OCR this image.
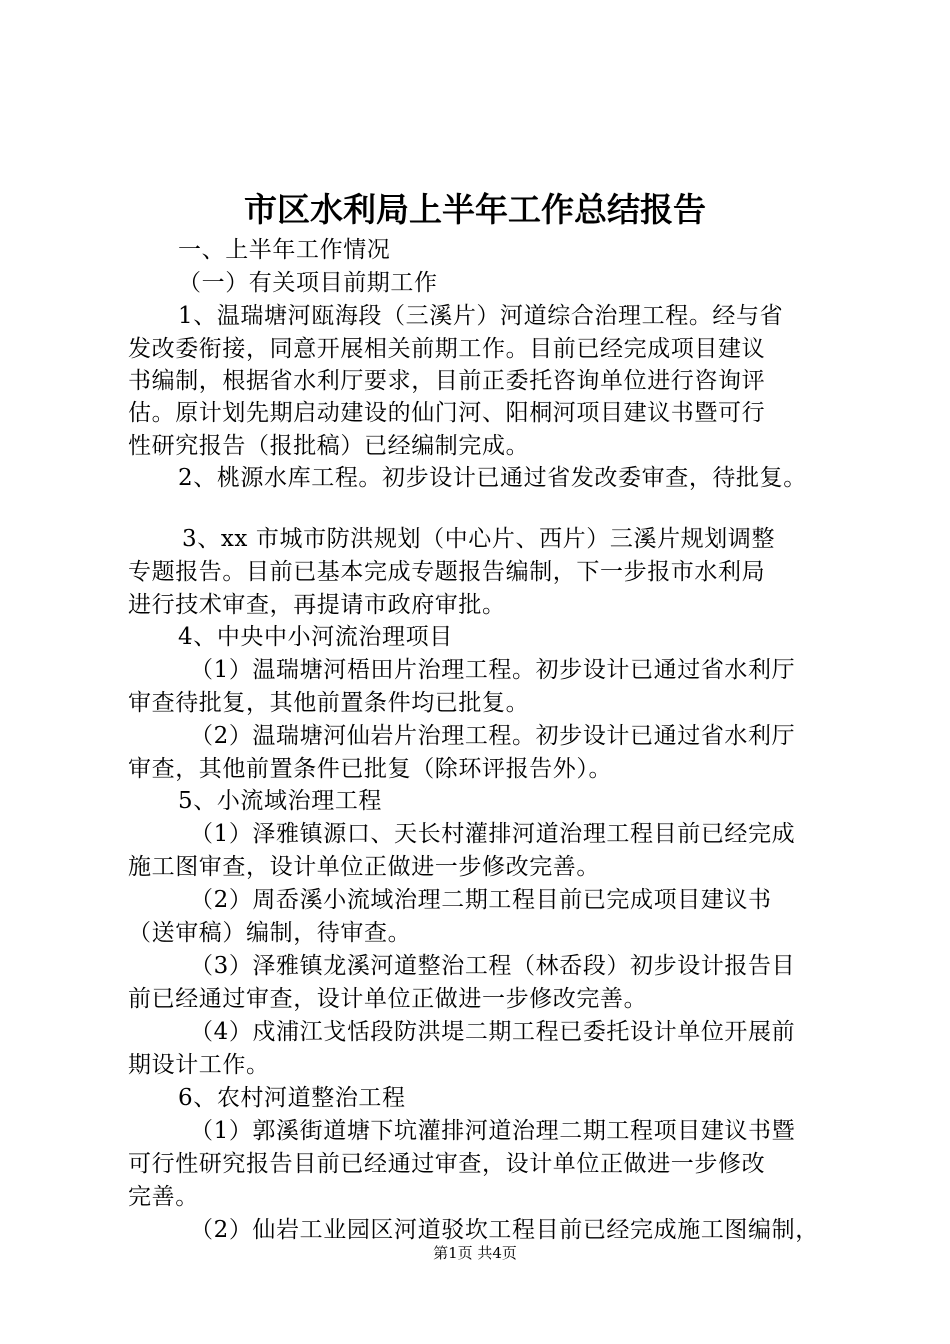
市区水利局上半年工作总结报告
一、上半年工作情况
（一）有关项目前期工作
1、温瑞塘河瓯海段（三溪片）河道综合治理工程。经与省
发改委衔接，同意开展相关前期工作。目前已经完成项目建议
书编制，根据省水利厅要求，目前正委托咨询单位进行咨询评
估。原计划先期启动建设的仙门河、阳桐河项目建议书暨可行
性研究报告（报批稿）已经编制完成。
2、桃源水库工程。初步设计已通过省发改委审查，待批复。
3、xx 市城市防洪规划（中心片、西片）三溪片规划调整
专题报告。目前已基本完成专题报告编制，下一步报市水利局
进行技术审查，再提请市政府审批。
4、中央中小河流治理项目
（1）温瑞塘河梧田片治理工程。初步设计已通过省水利厅
审查待批复，其他前置条件均已批复。
（2）温瑞塘河仙岩片治理工程。初步设计已通过省水利厅
审查，其他前置条件已批复（除环评报告外）。
5、小流域治理工程
（1）泽雅镇源口、天长村灌排河道治理工程目前已经完成
施工图审查，设计单位正做进一步修改完善。
（2）周岙溪小流域治理二期工程目前已完成项目建议书
（送审稿）编制，待审查。
（3）泽雅镇龙溪河道整治工程（林岙段）初步设计报告目
前已经通过审查，设计单位正做进一步修改完善。
（4）戍浦江戈恬段防洪堤二期工程已委托设计单位开展前
期设计工作。
6、农村河道整治工程
（1）郭溪街道塘下坑灌排河道治理二期工程项目建议书暨
可行性研究报告目前已经通过审查，设计单位正做进一步修改
完善。
（2）仙岩工业园区河道驳坎工程目前已经完成施工图编制，
第1页 共4页
